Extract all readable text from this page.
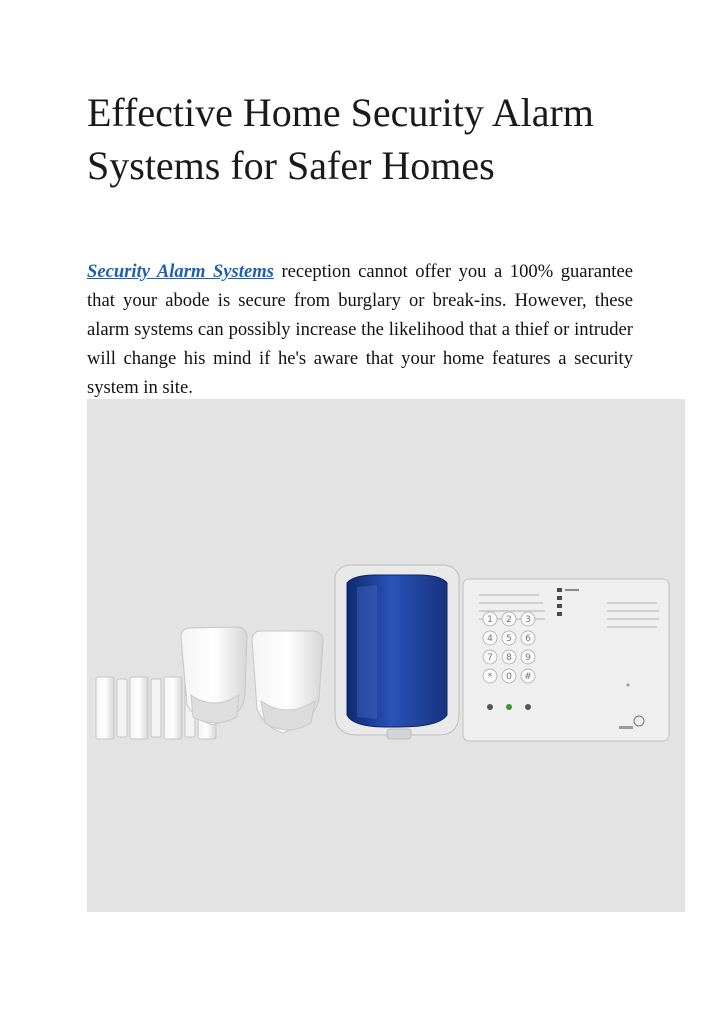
Effective Home Security Alarm Systems for Safer Homes

Security Alarm Systems reception cannot offer you a 100% guarantee that your abode is secure from burglary or break-ins. However, these alarm systems can possibly increase the likelihood that a thief or intruder will change his mind if he's aware that your home features a security system in site.

1 2 3
4 5 6
7 8 9
* 0 #
